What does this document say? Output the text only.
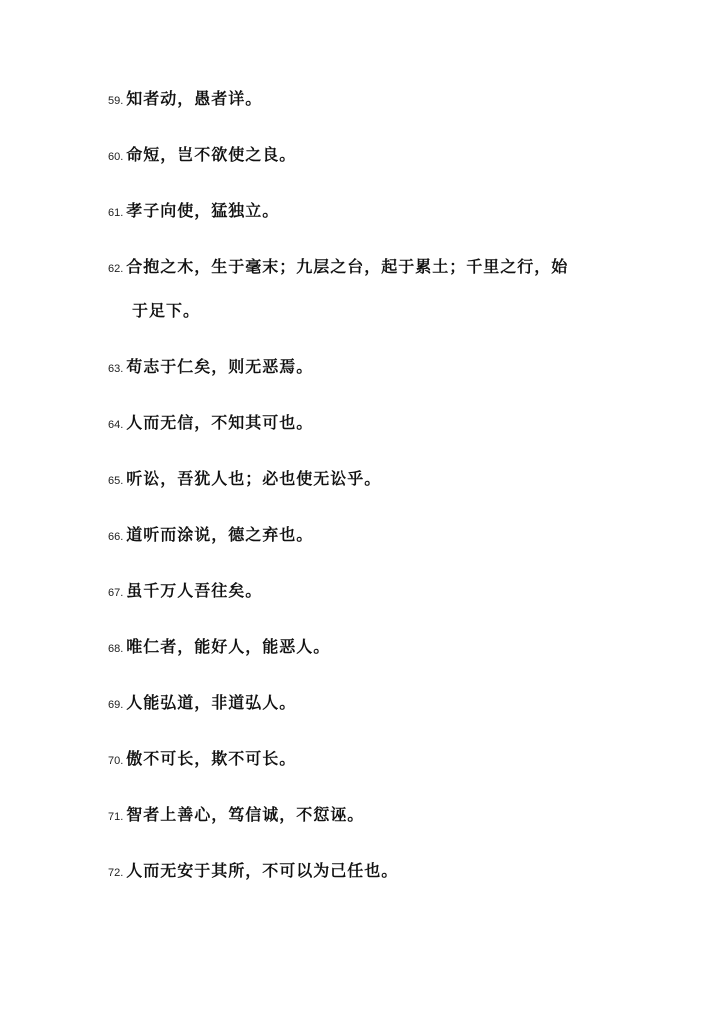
59. 知者动，愚者详。
60. 命短，岂不欲使之良。
61. 孝子向使，猛独立。
62. 合抱之木，生于毫末；九层之台，起于累土；千里之行，始
于足下。
63. 苟志于仁矣，则无恶焉。
64. 人而无信，不知其可也。
65. 听讼，吾犹人也；必也使无讼乎。
66. 道听而涂说，德之弃也。
67. 虽千万人吾往矣。
68. 唯仁者，能好人，能恶人。
69. 人能弘道，非道弘人。
70. 傲不可长，欺不可长。
71. 智者上善心，笃信诚，不愆诬。
72. 人而无安于其所，不可以为己任也。
